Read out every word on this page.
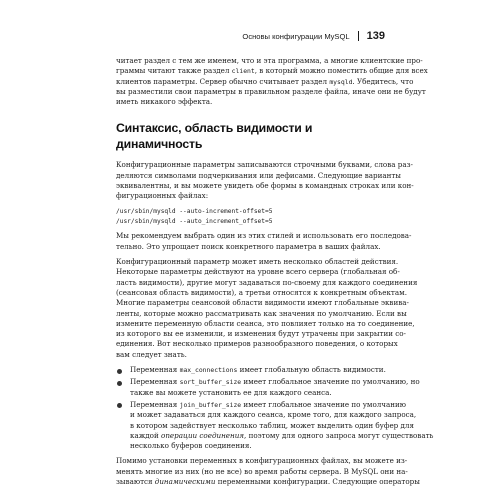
Основы конфигурации MySQL 139

читает раздел с тем же именем, что и эта программа, а многие клиентские про-
граммы читают также раздел client, в который можно поместить общие для всех
клиентов параметры. Сервер обычно считывает раздел mysqld. Убедитесь, что
вы разместили свои параметры в правильном разделе файла, иначе они не будут
иметь никакого эффекта.

Синтаксис, область видимости и динамичность

Конфигурационные параметры записываются строчными буквами, слова раз-
деляются символами подчеркивания или дефисами. Следующие варианты
эквивалентны, и вы можете увидеть обе формы в командных строках или кон-
фигурационных файлах:

/usr/sbin/mysqld --auto-increment-offset=5
/usr/sbin/mysqld --auto_increment_offset=5

Мы рекомендуем выбрать один из этих стилей и использовать его последова-
тельно. Это упрощает поиск конкретного параметра в ваших файлах.

Конфигурационный параметр может иметь несколько областей действия.
Некоторые параметры действуют на уровне всего сервера (глобальная об-
ласть видимости), другие могут задаваться по-своему для каждого соединения
(сеансовая область видимости), а третьи относятся к конкретным объектам.
Многие параметры сеансовой области видимости имеют глобальные эквива-
ленты, которые можно рассматривать как значения по умолчанию. Если вы
измените переменную области сеанса, это повлияет только на то соединение,
из которого вы ее изменили, и изменения будут утрачены при закрытии со-
единения. Вот несколько примеров разнообразного поведения, о которых
вам следует знать.

Переменная max_connections имеет глобальную область видимости.
Переменная sort_buffer_size имеет глобальное значение по умолчанию, но
также вы можете установить ее для каждого сеанса.
Переменная join_buffer_size имеет глобальное значение по умолчанию
и может задаваться для каждого сеанса, кроме того, для каждого запроса,
в котором задействует несколько таблиц, может выделить один буфер для
каждой операции соединения, поэтому для одного запроса могут существовать
несколько буферов соединения.

Помимо установки переменных в конфигурационных файлах, вы можете из-
менять многие из них (но не все) во время работы сервера. В MySQL они на-
зываются динамическими переменными конфигурации. Следующие операторы
